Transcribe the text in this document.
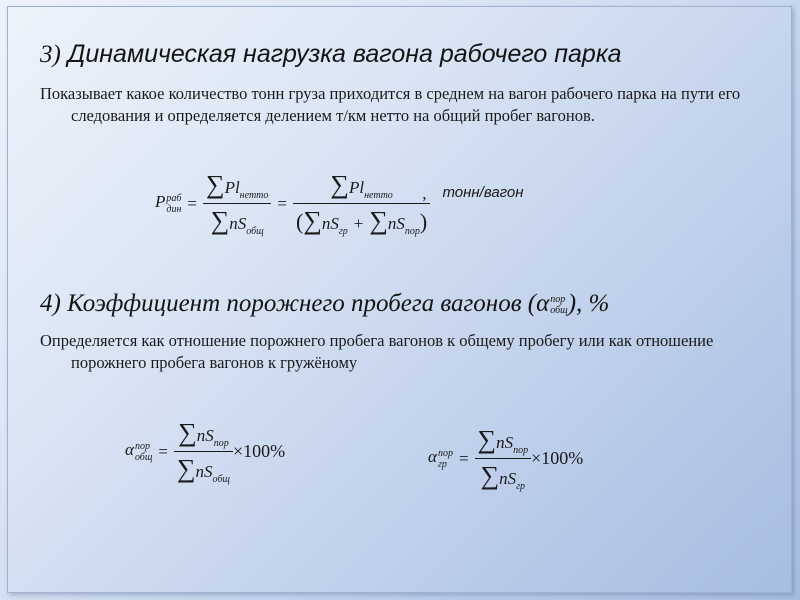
3) Динамическая нагрузка вагона рабочего парка
Показывает какое количество тонн груза приходится в среднем на вагон рабочего парка на пути его следования и определяется делением т/км нетто на общий пробег вагонов.
P раб
дин = $\frac{\sum Pl_{нетто}}{\sum nS_{общ}} = \frac{\sum Pl_{нетто}}{(\sum nS_{гр} + \sum nS_{пор})}$
, тонн/вагон
4) Коэффициент порожнего пробега вагонов (α пор
общ ), %
Определяется как отношение порожнего пробега вагонов к общему пробегу или как отношение порожнего пробега вагонов к гружёному
α пор
общ = $\frac{\sum nS_{пор}}{\sum nS_{общ}} \times 100\%$	α пор
гр = $\frac{\sum nS_{пор}}{\sum nS_{гр}} \times 100\%$
